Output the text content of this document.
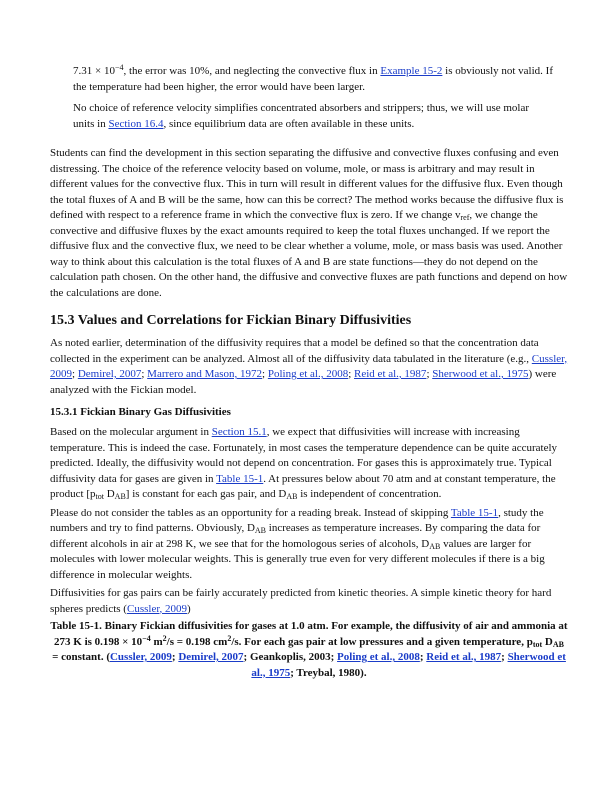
$7.31 \times 10^{-4}$, the error was 10%, and neglecting the convective flux in Example 15-2 is obviously not valid. If the temperature had been higher, the error would have been larger.

No choice of reference velocity simplifies concentrated absorbers and strippers; thus, we will use molar units in Section 16.4, since equilibrium data are often available in these units.

Students can find the development in this section separating the diffusive and convective fluxes confusing and even distressing. The choice of the reference velocity based on volume, mole, or mass is arbitrary and may result in different values for the convective flux. This in turn will result in different values for the diffusive flux. Even though the total fluxes of A and B will be the same, how can this be correct? The method works because the diffusive flux is defined with respect to a reference frame in which the convective flux is zero. If we change $v_{ref}$, we change the convective and diffusive fluxes by the exact amounts required to keep the total fluxes unchanged. If we report the diffusive flux and the convective flux, we need to be clear whether a volume, mole, or mass basis was used. Another way to think about this calculation is the total fluxes of A and B are state functions—they do not depend on the calculation path chosen. On the other hand, the diffusive and convective fluxes are path functions and depend on how the calculations are done.

15.3 Values and Correlations for Fickian Binary Diffusivities

As noted earlier, determination of the diffusivity requires that a model be defined so that the concentration data collected in the experiment can be analyzed. Almost all of the diffusivity data tabulated in the literature (e.g., Cussler, 2009; Demirel, 2007; Marrero and Mason, 1972; Poling et al., 2008; Reid et al., 1987; Sherwood et al., 1975) were analyzed with the Fickian model.

15.3.1 Fickian Binary Gas Diffusivities

Based on the molecular argument in Section 15.1, we expect that diffusivities will increase with increasing temperature. This is indeed the case. Fortunately, in most cases the temperature dependence can be quite accurately predicted. Ideally, the diffusivity would not depend on concentration. For gases this is approximately true. Typical diffusivity data for gases are given in Table 15-1. At pressures below about 70 atm and at constant temperature, the product [$p_{tot}$ $D_{AB}$] is constant for each gas pair, and $D_{AB}$ is independent of concentration.

Please do not consider the tables as an opportunity for a reading break. Instead of skipping Table 15-1, study the numbers and try to find patterns. Obviously, $D_{AB}$ increases as temperature increases. By comparing the data for different alcohols in air at 298 K, we see that for the homologous series of alcohols, $D_{AB}$ values are larger for molecules with lower molecular weights. This is generally true even for very different molecules if there is a big difference in molecular weights.

Diffusivities for gas pairs can be fairly accurately predicted from kinetic theories. A simple kinetic theory for hard spheres predicts (Cussler, 2009)

Table 15-1. Binary Fickian diffusivities for gases at 1.0 atm. For example, the diffusivity of air and ammonia at 273 K is $0.198 \times 10^{-4}$ $m^2/s = 0.198$ $cm^2/s$. For each gas pair at low pressures and a given temperature, $p_{tot}$ $D_{AB}$ = constant. (Cussler, 2009; Demirel, 2007; Geankoplis, 2003; Poling et al., 2008; Reid et al., 1987; Sherwood et al., 1975; Treybal, 1980).
